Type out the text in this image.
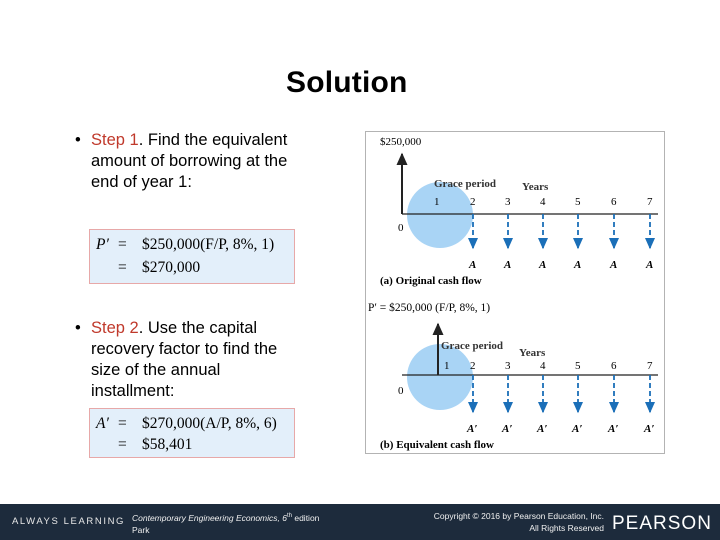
Solution
• Step 1. Find the equivalent amount of borrowing at the end of year 1:
P′ = $250,000(F/P, 8%, 1)
= $270,000
• Step 2. Use the capital recovery factor to find the size of the annual installment:
A′ = $270,000(A/P, 8%, 6)
= $58,401
$250,000
0
Grace period Years
1	2	3	4	5	6	7
A	A	A	A	A	A
(a) Original cash flow
P′ = $250,000 (F/P, 8%, 1)
0
Grace period
Years
1 2	3	4	5	6	7
A′ A′ A′ A′ A′ A′
(b) Equivalent cash flow
ALWAYS LEARNING Contemporary Engineering Economics, 6th edition
Park
Copyright © 2016 by Pearson Education, Inc.
All Rights Reserved PEARSON
